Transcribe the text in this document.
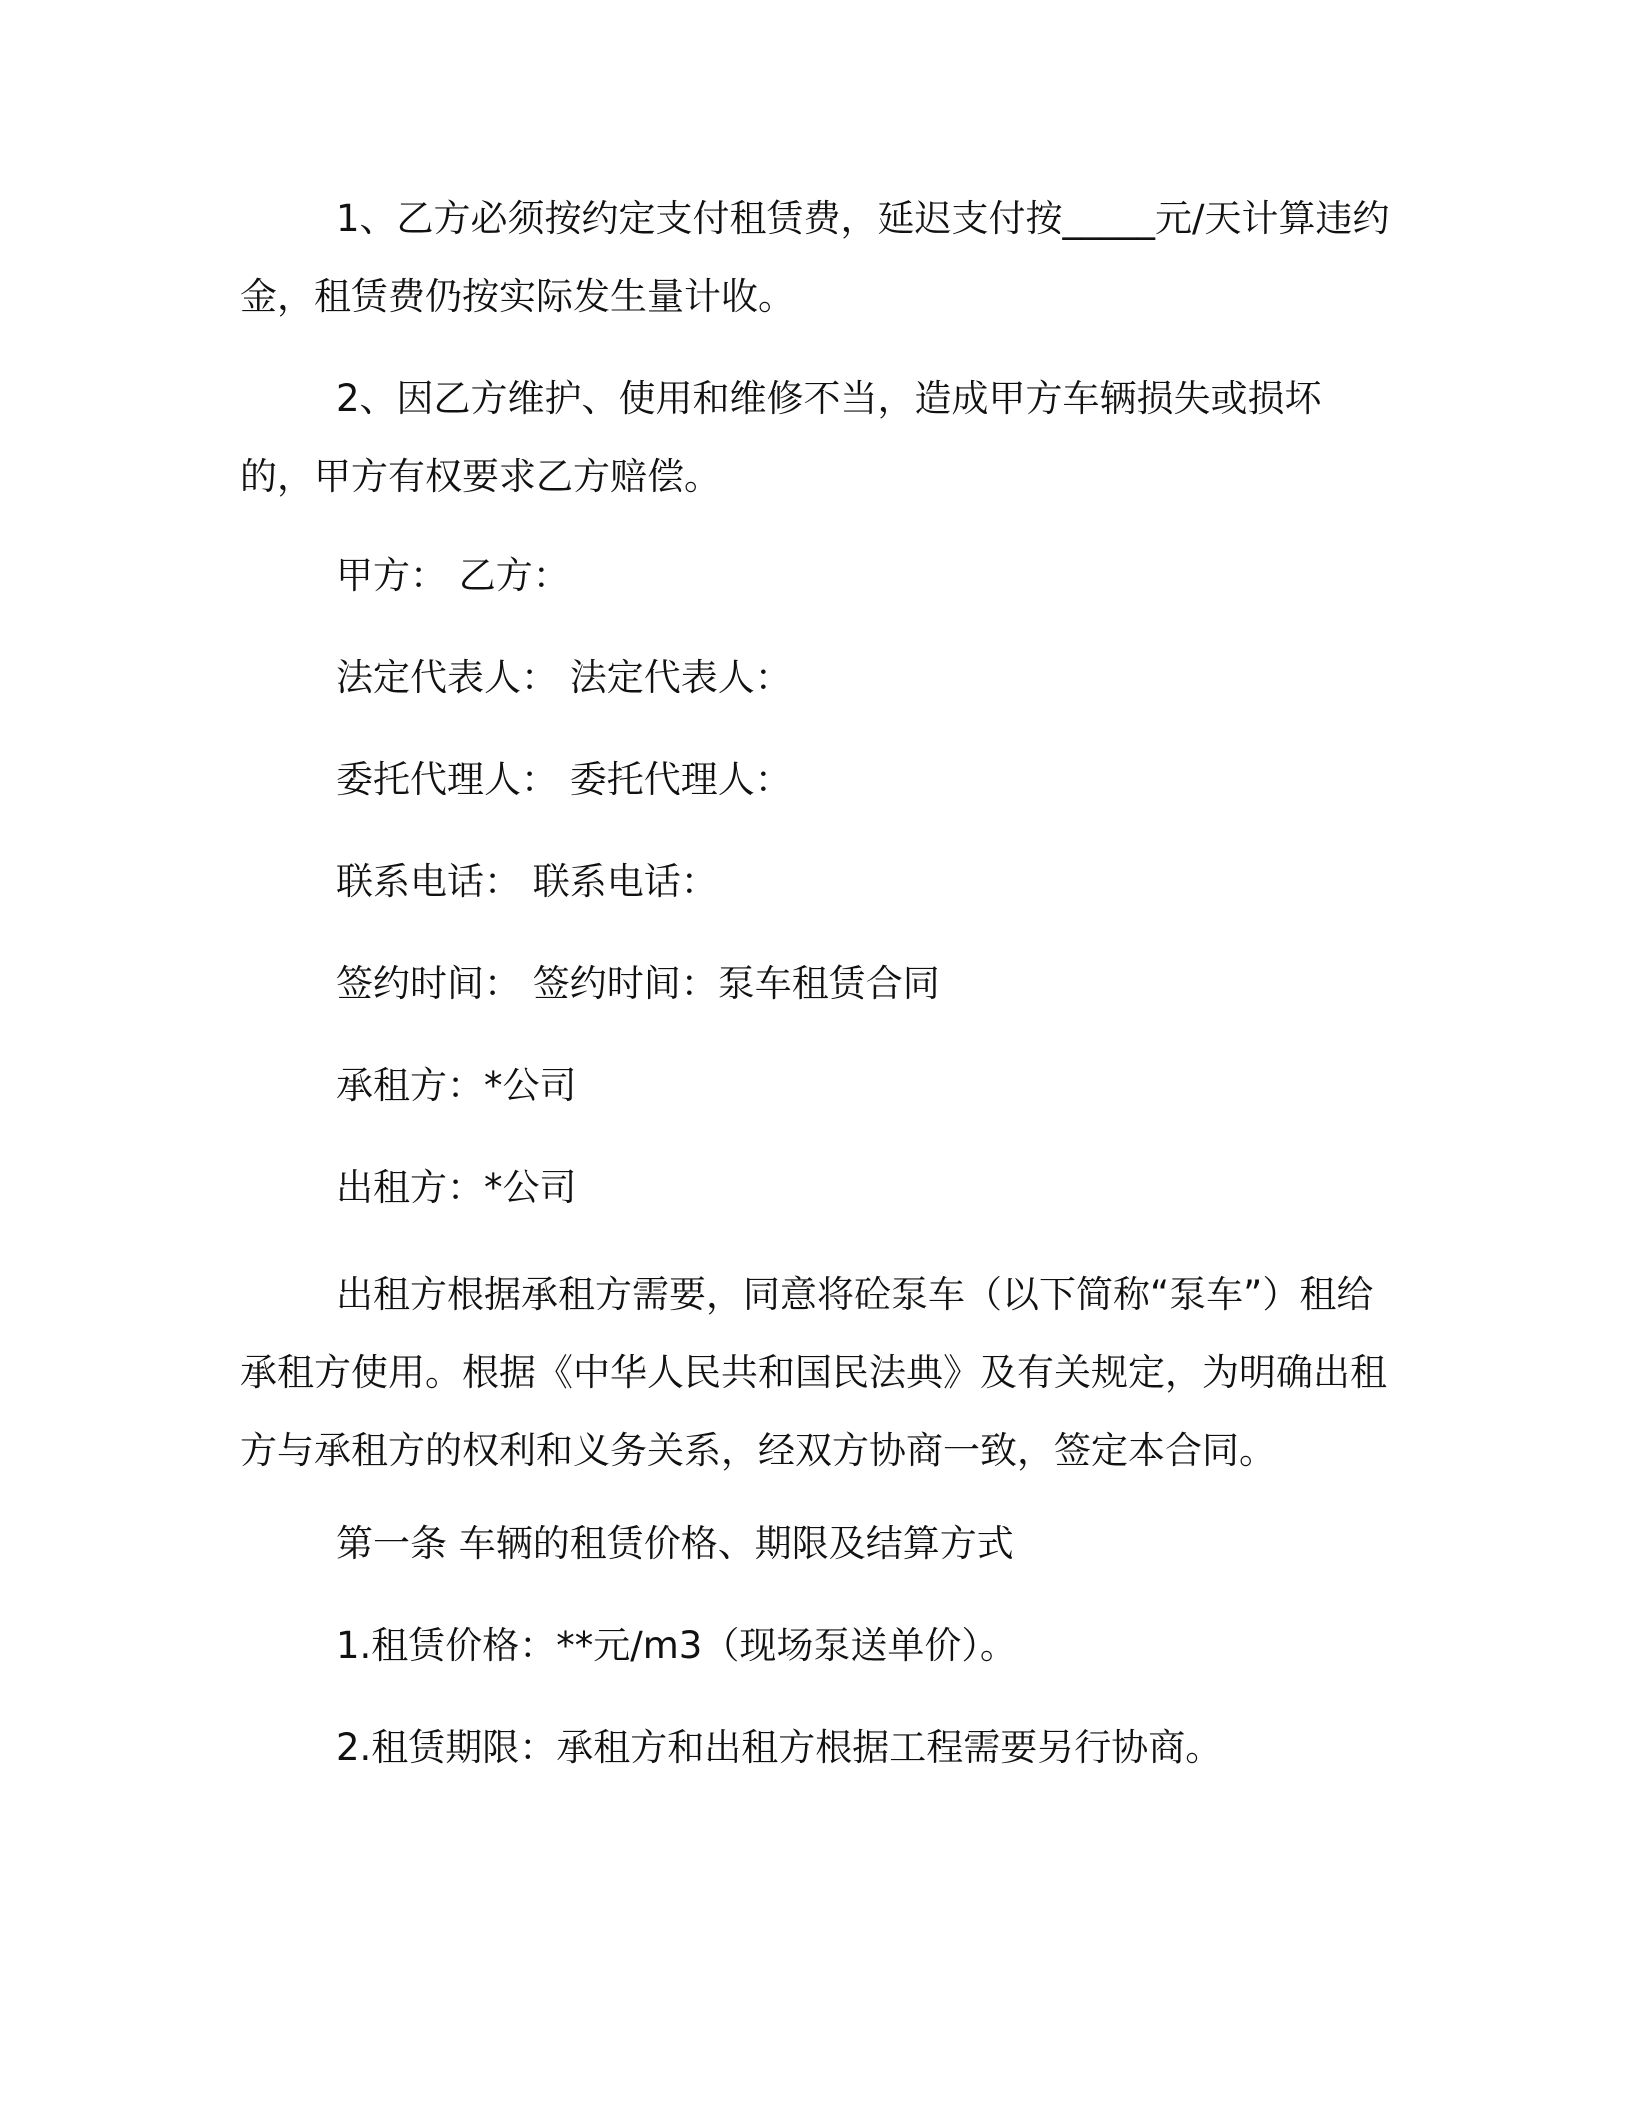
1、乙方必须按约定支付租赁费，延迟支付按_____元/天计算违约金，租赁费仍按实际发生量计收。

2、因乙方维护、使用和维修不当，造成甲方车辆损失或损坏的，甲方有权要求乙方赔偿。

甲方： 乙方：

法定代表人： 法定代表人：

委托代理人： 委托代理人：

联系电话： 联系电话：

签约时间： 签约时间：泵车租赁合同

承租方：*公司

出租方：*公司

出租方根据承租方需要，同意将砼泵车（以下简称“泵车”）租给承租方使用。根据《中华人民共和国民法典》及有关规定，为明确出租方与承租方的权利和义务关系，经双方协商一致，签定本合同。

第一条 车辆的租赁价格、期限及结算方式

1.租赁价格：**元/m3（现场泵送单价）。

2.租赁期限：承租方和出租方根据工程需要另行协商。
